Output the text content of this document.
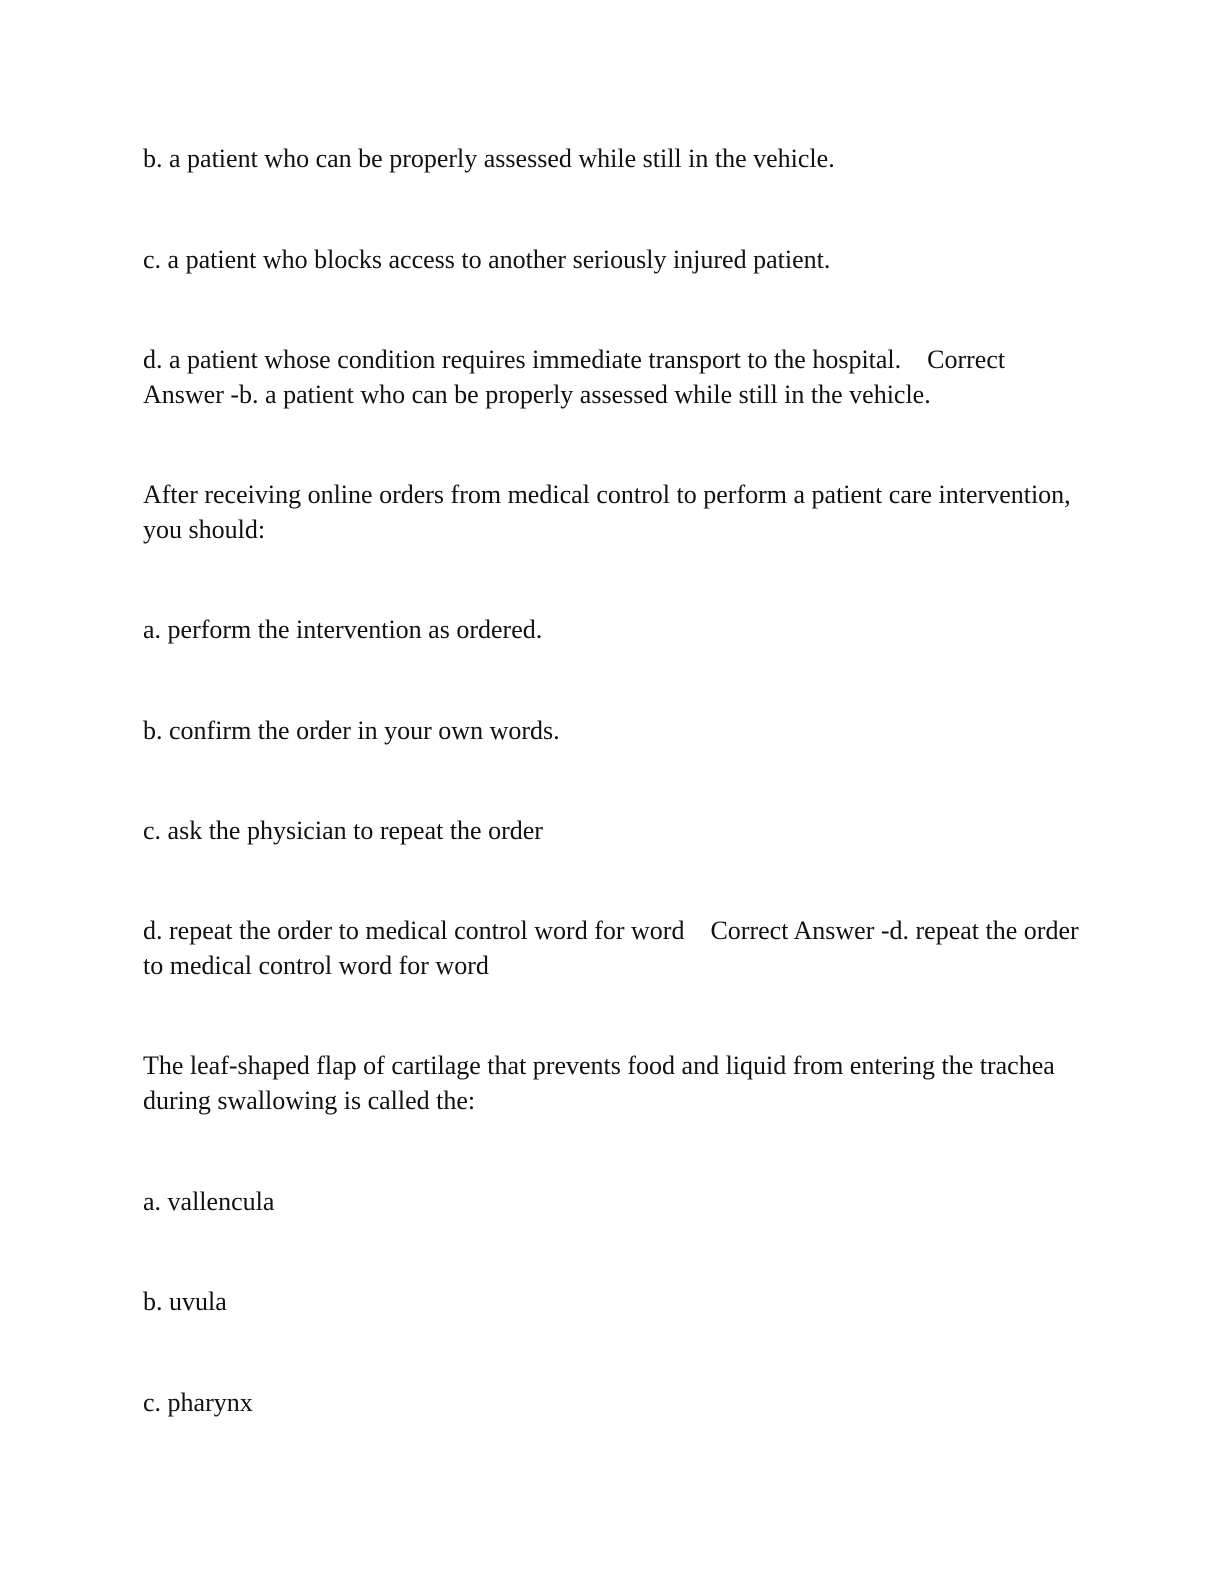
b. a patient who can be properly assessed while still in the vehicle.

c. a patient who blocks access to another seriously injured patient.

d. a patient whose condition requires immediate transport to the hospital.    Correct Answer -b. a patient who can be properly assessed while still in the vehicle.

After receiving online orders from medical control to perform a patient care intervention, you should:

a. perform the intervention as ordered.

b. confirm the order in your own words.

c. ask the physician to repeat the order

d. repeat the order to medical control word for word    Correct Answer -d. repeat the order to medical control word for word

The leaf-shaped flap of cartilage that prevents food and liquid from entering the trachea during swallowing is called the:

a. vallencula

b. uvula

c. pharynx
